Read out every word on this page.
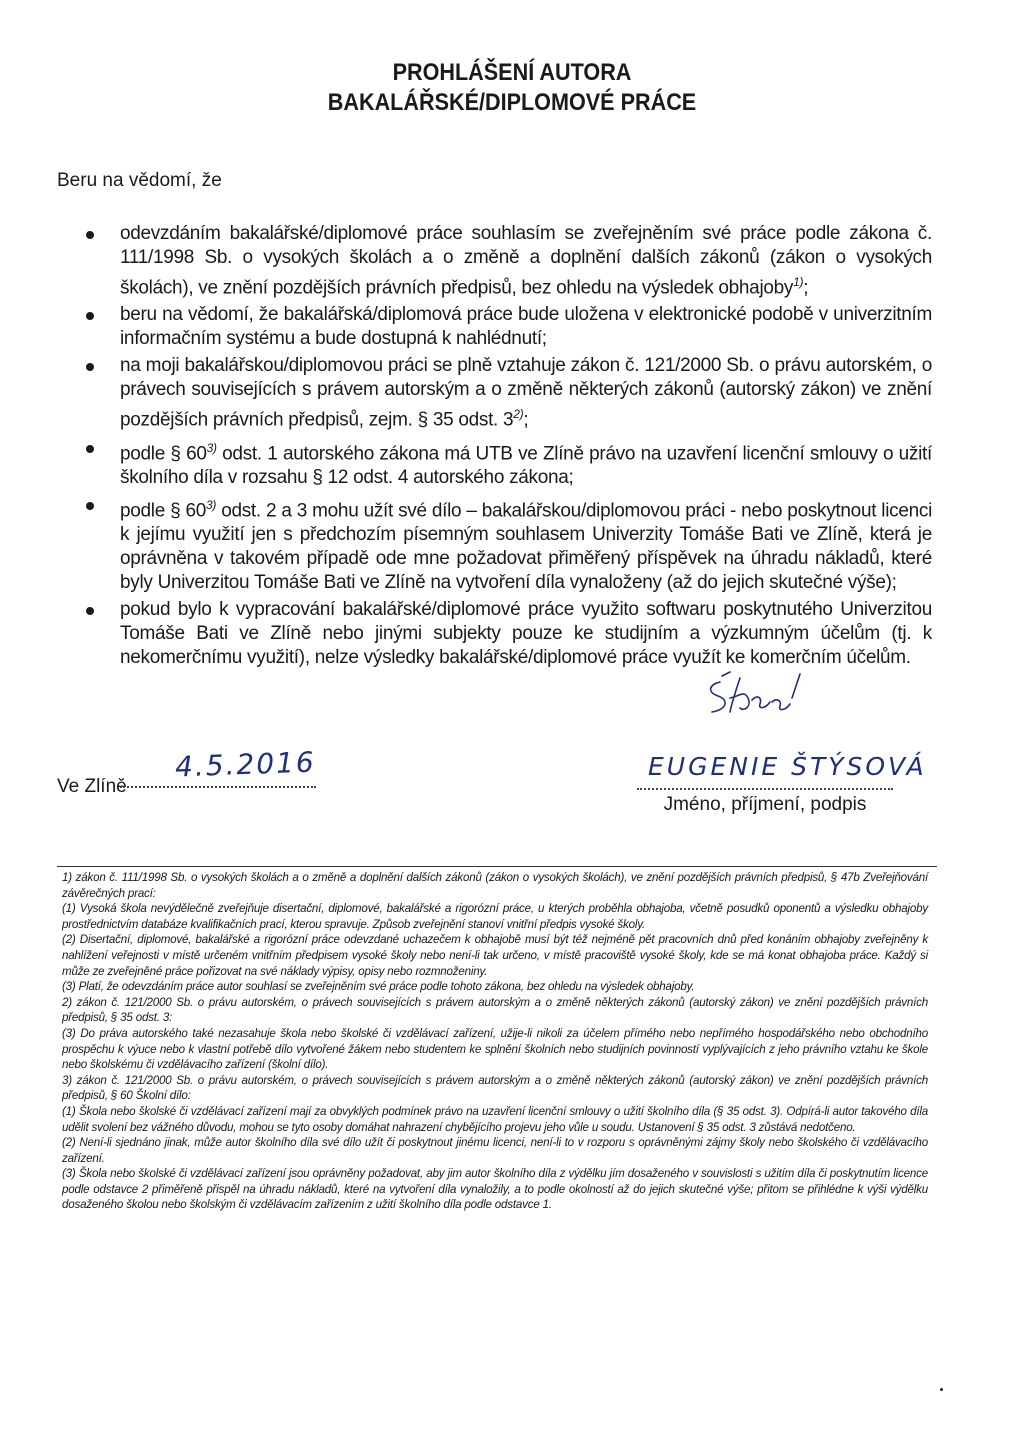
PROHLÁŠENÍ AUTORA
BAKALÁŘSKÉ/DIPLOMOVÉ PRÁCE
Beru na vědomí, že
odevzdáním bakalářské/diplomové práce souhlasím se zveřejněním své práce podle zákona č. 111/1998 Sb. o vysokých školách a o změně a doplnění dalších zákonů (zákon o vysokých školách), ve znění pozdějších právních předpisů, bez ohledu na výsledek obhajoby$^{1)}$;
beru na vědomí, že bakalářská/diplomová práce bude uložena v elektronické podobě v univerzitním informačním systému a bude dostupná k nahlédnutí;
na moji bakalářskou/diplomovou práci se plně vztahuje zákon č. 121/2000 Sb. o právu autorském, o právech souvisejících s právem autorským a o změně některých zákonů (autorský zákon) ve znění pozdějších právních předpisů, zejm. § 35 odst. 3$^{2)}$;
podle § 60$^{3)}$ odst. 1 autorského zákona má UTB ve Zlíně právo na uzavření licenční smlouvy o užití školního díla v rozsahu § 12 odst. 4 autorského zákona;
podle § 60$^{3)}$ odst. 2 a 3 mohu užít své dílo – bakalářskou/diplomovou práci - nebo poskytnout licenci k jejímu využití jen s předchozím písemným souhlasem Univerzity Tomáše Bati ve Zlíně, která je oprávněna v takovém případě ode mne požadovat přiměřený příspěvek na úhradu nákladů, které byly Univerzitou Tomáše Bati ve Zlíně na vytvoření díla vynaloženy (až do jejich skutečné výše);
pokud bylo k vypracování bakalářské/diplomové práce využito softwaru poskytnutého Univerzitou Tomáše Bati ve Zlíně nebo jinými subjekty pouze ke studijním a výzkumným účelům (tj. k nekomerčnímu využití), nelze výsledky bakalářské/diplomové práce využít ke komerčním účelům.
Ve Zlíně
4.5.2016	EUGENIE ŠTÝSOVÁ
Jméno, příjmení, podpis

1) zákon č. 111/1998 Sb. o vysokých školách a o změně a doplnění dalších zákonů (zákon o vysokých školách), ve znění pozdějších právních předpisů, § 47b Zveřejňování závěrečných prací:

(1) Vysoká škola nevýdělečně zveřejňuje disertační, diplomové, bakalářské a rigorózní práce, u kterých proběhla obhajoba, včetně posudků oponentů a výsledku obhajoby prostřednictvím databáze kvalifikačních prací, kterou spravuje. Způsob zveřejnění stanoví vnitřní předpis vysoké školy.

(2) Disertační, diplomové, bakalářské a rigorózní práce odevzdané uchazečem k obhajobě musí být též nejméně pět pracovních dnů před konáním obhajoby zveřejněny k nahlížení veřejnosti v místě určeném vnitřním předpisem vysoké školy nebo není-li tak určeno, v místě pracoviště vysoké školy, kde se má konat obhajoba práce. Každý si může ze zveřejněné práce pořizovat na své náklady výpisy, opisy nebo rozmnoženiny.

(3) Platí, že odevzdáním práce autor souhlasí se zveřejněním své práce podle tohoto zákona, bez ohledu na výsledek obhajoby.

2) zákon č. 121/2000 Sb. o právu autorském, o právech souvisejících s právem autorským a o změně některých zákonů (autorský zákon) ve znění pozdějších právních předpisů, § 35 odst. 3:

(3) Do práva autorského také nezasahuje škola nebo školské či vzdělávací zařízení, užije-li nikoli za účelem přímého nebo nepřímého hospodářského nebo obchodního prospěchu k výuce nebo k vlastní potřebě dílo vytvořené žákem nebo studentem ke splnění školních nebo studijních povinností vyplývajících z jeho právního vztahu ke škole nebo školskému či vzdělávacího zařízení (školní dílo).

3) zákon č. 121/2000 Sb. o právu autorském, o právech souvisejících s právem autorským a o změně některých zákonů (autorský zákon) ve znění pozdějších právních předpisů, § 60 Školní dílo:

(1) Škola nebo školské či vzdělávací zařízení mají za obvyklých podmínek právo na uzavření licenční smlouvy o užití školního díla (§ 35 odst. 3). Odpírá-li autor takového díla udělit svolení bez vážného důvodu, mohou se tyto osoby domáhat nahrazení chybějícího projevu jeho vůle u soudu. Ustanovení § 35 odst. 3 zůstává nedotčeno.

(2) Není-li sjednáno jinak, může autor školního díla své dílo užít či poskytnout jinému licenci, není-li to v rozporu s oprávněnými zájmy školy nebo školského či vzdělávacího zařízení.

(3) Škola nebo školské či vzdělávací zařízení jsou oprávněny požadovat, aby jim autor školního díla z výdělku jím dosaženého v souvislosti s užitím díla či poskytnutím licence podle odstavce 2 přiměřeně přispěl na úhradu nákladů, které na vytvoření díla vynaložily, a to podle okolností až do jejich skutečné výše; přitom se přihlédne k výši výdělku dosaženého školou nebo školským či vzdělávacím zařízením z užití školního díla podle odstavce 1.
